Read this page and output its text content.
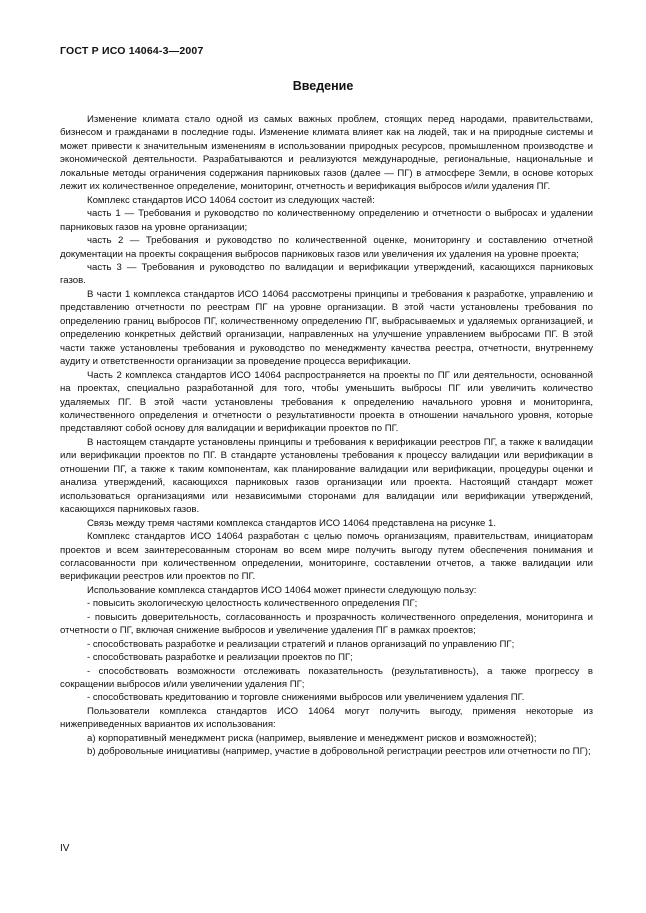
ГОСТ Р ИСО 14064-3—2007
Введение

Изменение климата стало одной из самых важных проблем, стоящих перед народами, правительствами, бизнесом и гражданами в последние годы. Изменение климата влияет как на людей, так и на природные системы и может привести к значительным изменениям в использовании природных ресурсов, промышленном производстве и экономической деятельности. Разрабатываются и реализуются международные, региональные, национальные и локальные методы ограничения содержания парниковых газов (далее — ПГ) в атмосфере Земли, в основе которых лежит их количественное определение, мониторинг, отчетность и верификация выбросов и/или удаления ПГ.

Комплекс стандартов ИСО 14064 состоит из следующих частей:

часть 1 — Требования и руководство по количественному определению и отчетности о выбросах и удалении парниковых газов на уровне организации;

часть 2 — Требования и руководство по количественной оценке, мониторингу и составлению отчетной документации на проекты сокращения выбросов парниковых газов или увеличения их удаления на уровне проекта;

часть 3 — Требования и руководство по валидации и верификации утверждений, касающихся парниковых газов.

В части 1 комплекса стандартов ИСО 14064 рассмотрены принципы и требования к разработке, управлению и представлению отчетности по реестрам ПГ на уровне организации. В этой части установлены требования по определению границ выбросов ПГ, количественному определению ПГ, выбрасываемых и удаляемых организацией, и определению конкретных действий организации, направленных на улучшение управлением выбросами ПГ. В этой части также установлены требования и руководство по менеджменту качества реестра, отчетности, внутреннему аудиту и ответственности организации за проведение процесса верификации.

Часть 2 комплекса стандартов ИСО 14064 распространяется на проекты по ПГ или деятельности, основанной на проектах, специально разработанной для того, чтобы уменьшить выбросы ПГ или увеличить количество удаляемых ПГ. В этой части установлены требования к определению начального уровня и мониторинга, количественного определения и отчетности о результативности проекта в отношении начального уровня, которые представляют собой основу для валидации и верификации проектов по ПГ.

В настоящем стандарте установлены принципы и требования к верификации реестров ПГ, а также к валидации или верификации проектов по ПГ. В стандарте установлены требования к процессу валидации или верификации в отношении ПГ, а также к таким компонентам, как планирование валидации или верификации, процедуры оценки и анализа утверждений, касающихся парниковых газов организации или проекта. Настоящий стандарт может использоваться организациями или независимыми сторонами для валидации или верификации утверждений, касающихся парниковых газов.

Связь между тремя частями комплекса стандартов ИСО 14064 представлена на рисунке 1.

Комплекс стандартов ИСО 14064 разработан с целью помочь организациям, правительствам, инициаторам проектов и всем заинтересованным сторонам во всем мире получить выгоду путем обеспечения понимания и согласованности при количественном определении, мониторинге, составлении отчетов, а также валидации или верификации реестров или проектов по ПГ.

Использование комплекса стандартов ИСО 14064 может принести следующую пользу:

- повысить экологическую целостность количественного определения ПГ;

- повысить доверительность, согласованность и прозрачность количественного определения, мониторинга и отчетности о ПГ, включая снижение выбросов и увеличение удаления ПГ в рамках проектов;

- способствовать разработке и реализации стратегий и планов организаций по управлению ПГ;

- способствовать разработке и реализации проектов по ПГ;

- способствовать возможности отслеживать показательность (результативность), а также прогрессу в сокращении выбросов и/или увеличении удаления ПГ;

- способствовать кредитованию и торговле снижениями выбросов или увеличением удаления ПГ.

Пользователи комплекса стандартов ИСО 14064 могут получить выгоду, применяя некоторые из нижеприведенных вариантов их использования:

a) корпоративный менеджмент риска (например, выявление и менеджмент рисков и возможностей);

b) добровольные инициативы (например, участие в добровольной регистрации реестров или отчетности по ПГ);

IV
